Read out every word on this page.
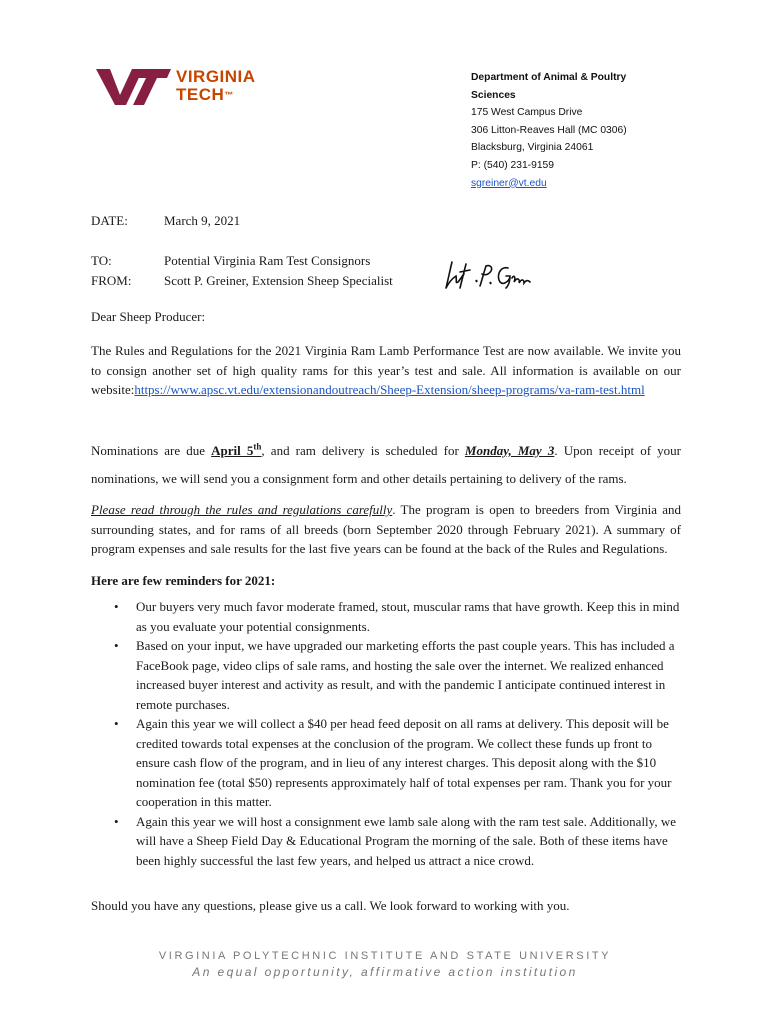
VIRGINIA
TECH™
Department of Animal & Poultry
Sciences
175 West Campus Drive
306 Litton-Reaves Hall (MC 0306)
Blacksburg, Virginia 24061
P: (540) 231-9159
sgreiner@vt.edu
DATE:	March 9, 2021
TO:	Potential Virginia Ram Test Consignors
FROM:	Scott P. Greiner, Extension Sheep Specialist
Dear Sheep Producer:
The Rules and Regulations for the 2021 Virginia Ram Lamb Performance Test are now available. We invite you to consign another set of high quality rams for this year’s test and sale. All information is available on our website:https://www.apsc.vt.edu/extensionandoutreach/Sheep-Extension/sheep-programs/va-ram-test.html
Nominations are due April 5th, and ram delivery is scheduled for Monday, May 3. Upon receipt of your nominations, we will send you a consignment form and other details pertaining to delivery of the rams.
Please read through the rules and regulations carefully. The program is open to breeders from Virginia and surrounding states, and for rams of all breeds (born September 2020 through February 2021). A summary of program expenses and sale results for the last five years can be found at the back of the Rules and Regulations.
Here are few reminders for 2021:
• Our buyers very much favor moderate framed, stout, muscular rams that have growth. Keep this in mind as you evaluate your potential consignments.
• Based on your input, we have upgraded our marketing efforts the past couple years. This has included a FaceBook page, video clips of sale rams, and hosting the sale over the internet. We realized enhanced increased buyer interest and activity as result, and with the pandemic I anticipate continued interest in remote purchases.
• Again this year we will collect a $40 per head feed deposit on all rams at delivery. This deposit will be credited towards total expenses at the conclusion of the program. We collect these funds up front to ensure cash flow of the program, and in lieu of any interest charges. This deposit along with the $10 nomination fee (total $50) represents approximately half of total expenses per ram. Thank you for your cooperation in this matter.
• Again this year we will host a consignment ewe lamb sale along with the ram test sale. Additionally, we will have a Sheep Field Day & Educational Program the morning of the sale. Both of these items have been highly successful the last few years, and helped us attract a nice crowd.
Should you have any questions, please give us a call. We look forward to working with you.
VIRGINIA POLYTECHNIC INSTITUTE AND STATE UNIVERSITY
An equal opportunity, affirmative action institution
